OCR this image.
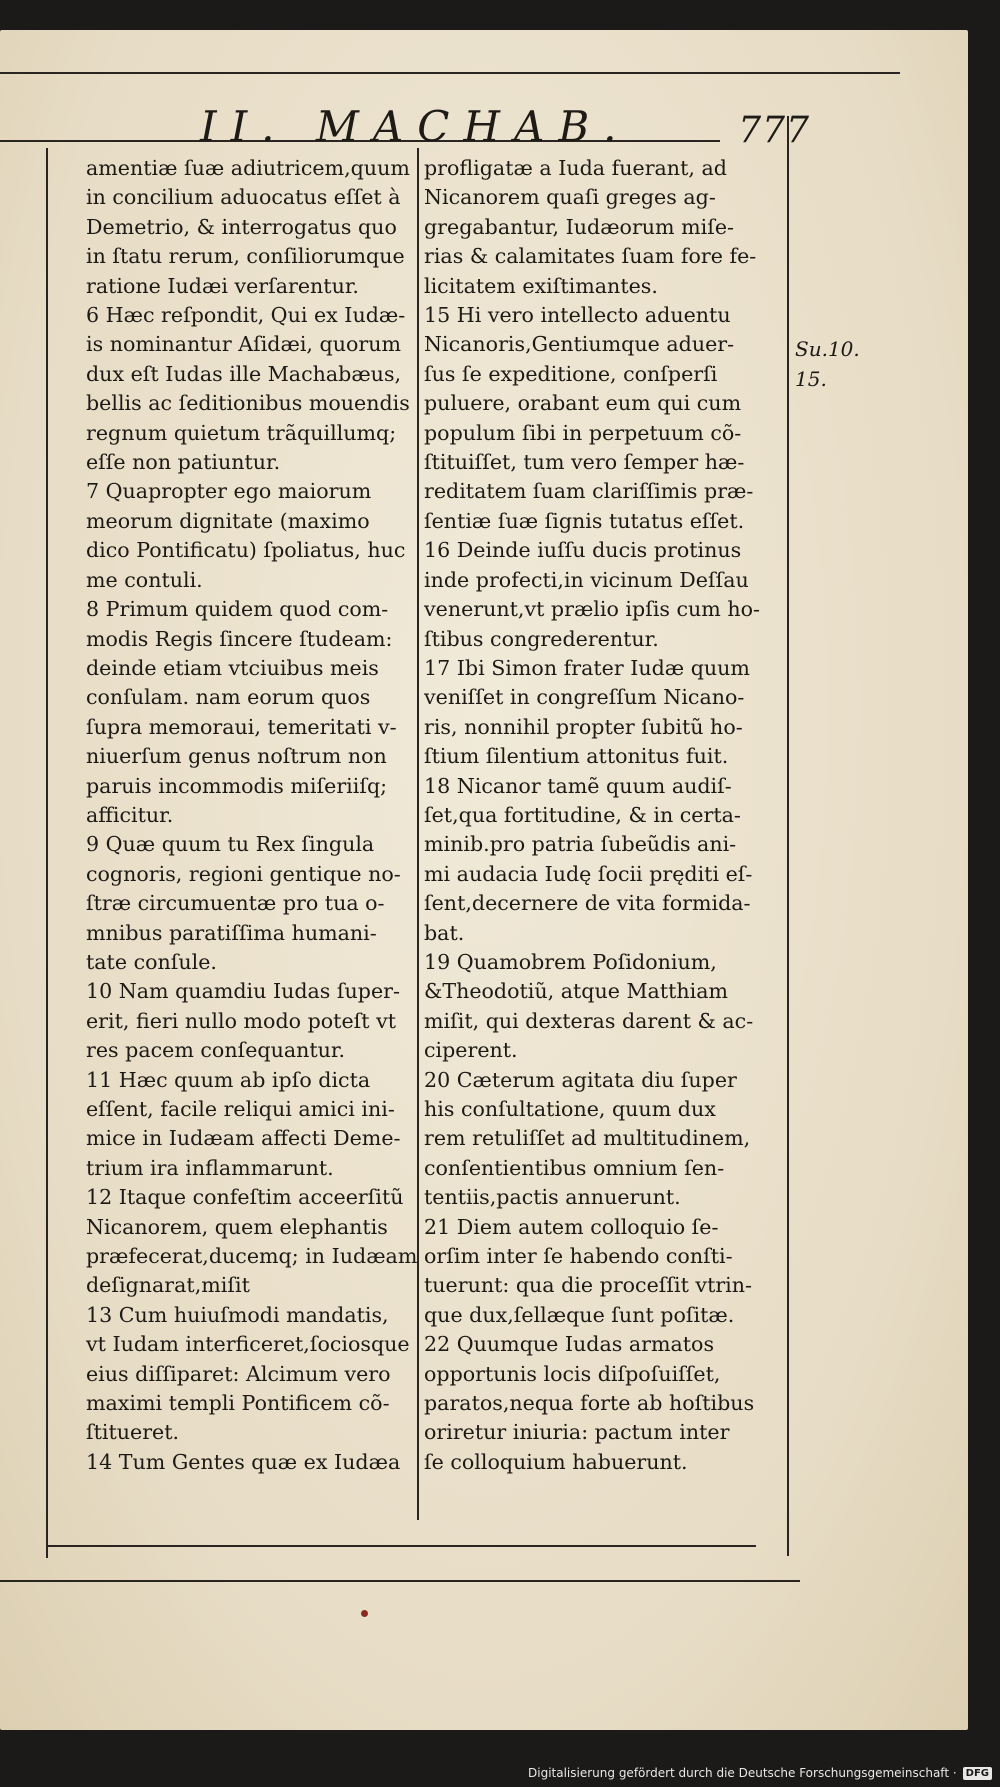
II. MACHAB.	777
amentiæ ſuæ adiutricem,quum
in concilium aduocatus eſſet à
Demetrio, & interrogatus quo
in ſtatu rerum, conſiliorumque
ratione Iudæi verſarentur.
6 Hæc reſpondit, Qui ex Iudæ-
is nominantur Aſidæi, quorum
dux eſt Iudas ille Machabæus,
bellis ac ſeditionibus mouendis
regnum quietum trãquillumq;
eſſe non patiuntur.
7 Quapropter ego maiorum
meorum dignitate (maximo
dico Pontificatu) ſpoliatus, huc
me contuli.
8 Primum quidem quod com-
modis Regis ſincere ſtudeam:
deinde etiam vtciuibus meis
conſulam. nam eorum quos
ſupra memoraui, temeritati v-
niuerſum genus noſtrum non
paruis incommodis miſeriiſq;
afficitur.
9 Quæ quum tu Rex ſingula
cognoris, regioni gentique no-
ſtræ circumuentæ pro tua o-
mnibus paratiſſima humani-
tate conſule.
10 Nam quamdiu Iudas ſuper-
erit, fieri nullo modo poteſt vt
res pacem conſequantur.
11 Hæc quum ab ipſo dicta
eſſent, facile reliqui amici ini-
mice in Iudæam affecti Deme-
trium ira inflammarunt.
12 Itaque confeſtim acceerſitũ
Nicanorem, quem elephantis
præfecerat,ducemq; in Iudæam
deſignarat,miſit
13 Cum huiuſmodi mandatis,
vt Iudam interficeret,ſociosque
eius diſſiparet: Alcimum vero
maximi templi Pontificem cõ-
ſtitueret.
14 Tum Gentes quæ ex Iudæa
profligatæ a Iuda fuerant, ad
Nicanorem quaſi greges ag-
gregabantur, Iudæorum miſe-
rias & calamitates ſuam fore fe-
licitatem exiſtimantes.
15 Hi vero intellecto aduentu
Nicanoris,Gentiumque aduer-
ſus ſe expeditione, conſperſi
puluere, orabant eum qui cum
populum ſibi in perpetuum cõ-
ſtituiſſet, tum vero ſemper hæ-
reditatem ſuam clariſſimis præ-
ſentiæ ſuæ ſignis tutatus eſſet.
16 Deinde iuſſu ducis protinus
inde profecti,in vicinum Deſſau
venerunt,vt prælio ipſis cum ho-
ſtibus congrederentur.
17 Ibi Simon frater Iudæ quum
veniſſet in congreſſum Nicano-
ris, nonnihil propter ſubitũ ho-
ſtium ſilentium attonitus fuit.
18 Nicanor tamẽ quum audiſ-
ſet,qua fortitudine, & in certa-
minib.pro patria ſubeũdis ani-
mi audacia Iudę ſocii pręditi eſ-
ſent,decernere de vita formida-
bat.
19 Quamobrem Poſidonium,
&Theodotiũ, atque Matthiam
miſit, qui dexteras darent & ac-
ciperent.
20 Cæterum agitata diu ſuper
his conſultatione, quum dux
rem retuliſſet ad multitudinem,
conſentientibus omnium ſen-
tentiis,pactis annuerunt.
21 Diem autem colloquio ſe-
orſim inter ſe habendo conſti-
tuerunt: qua die proceſſit vtrin-
que dux,ſellæque ſunt poſitæ.
22 Quumque Iudas armatos
opportunis locis diſpoſuiſſet,
paratos,nequa forte ab hoſtibus
oriretur iniuria: pactum inter
ſe colloquium habuerunt.
Su.10.
15.
Digitalisierung gefördert durch die Deutsche Forschungsgemeinschaft · DFG
